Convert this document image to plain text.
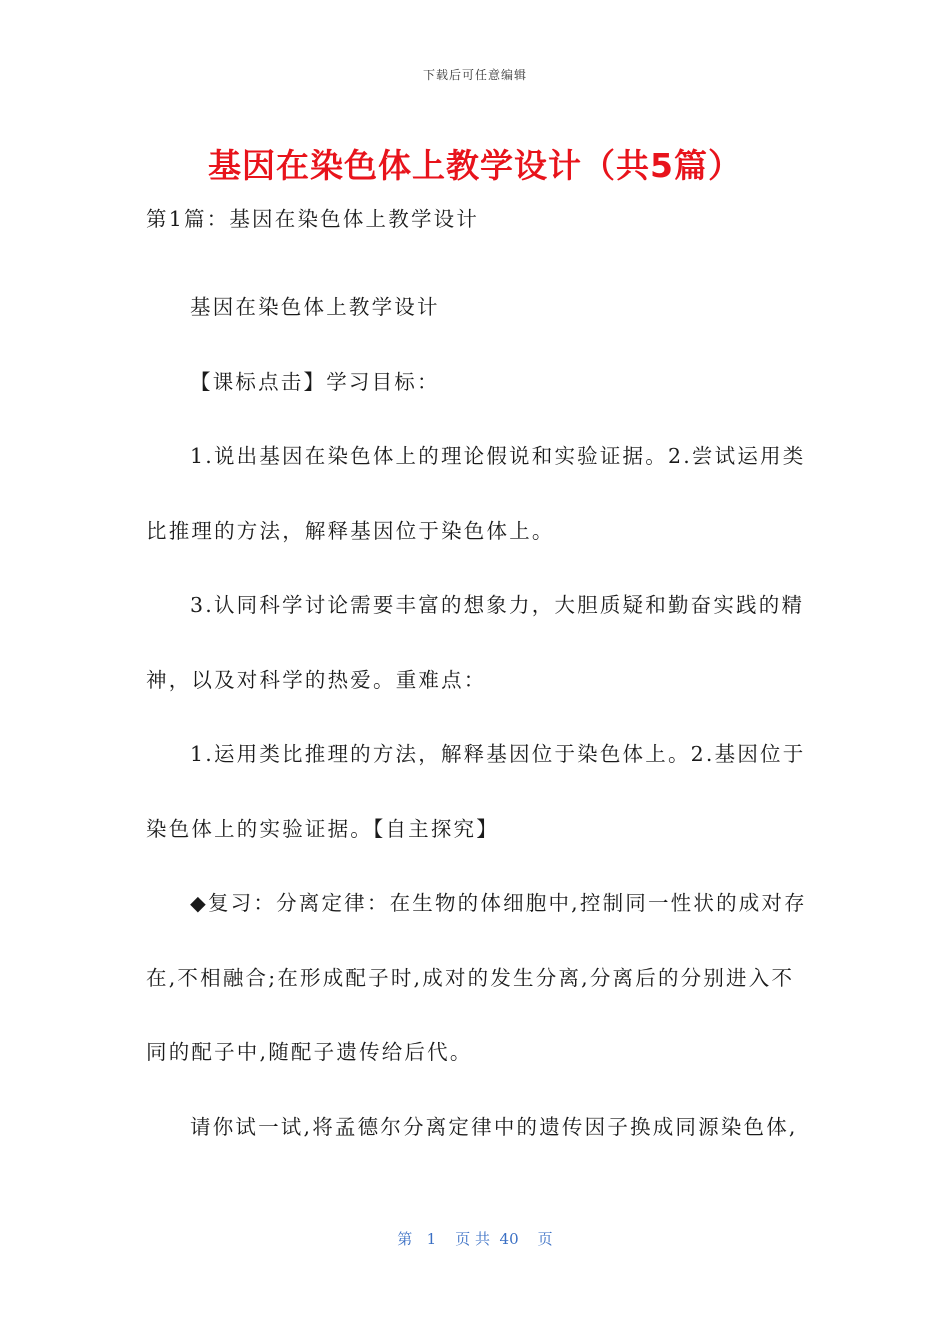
下载后可任意编辑
基因在染色体上教学设计（共5篇）

第1篇：基因在染色体上教学设计

基因在染色体上教学设计

【课标点击】学习目标：

1.说出基因在染色体上的理论假说和实验证据。2.尝试运用类

比推理的方法，解释基因位于染色体上。

3.认同科学讨论需要丰富的想象力，大胆质疑和勤奋实践的精

神，以及对科学的热爱。重难点：

1.运用类比推理的方法，解释基因位于染色体上。2.基因位于

染色体上的实验证据。【自主探究】

◆复习：分离定律：在生物的体细胞中,控制同一性状的成对存

在,不相融合;在形成配子时,成对的发生分离,分离后的分别进入不

同的配子中,随配子遗传给后代。

请你试一试,将孟德尔分离定律中的遗传因子换成同源染色体,

第   1    页 共  40    页
